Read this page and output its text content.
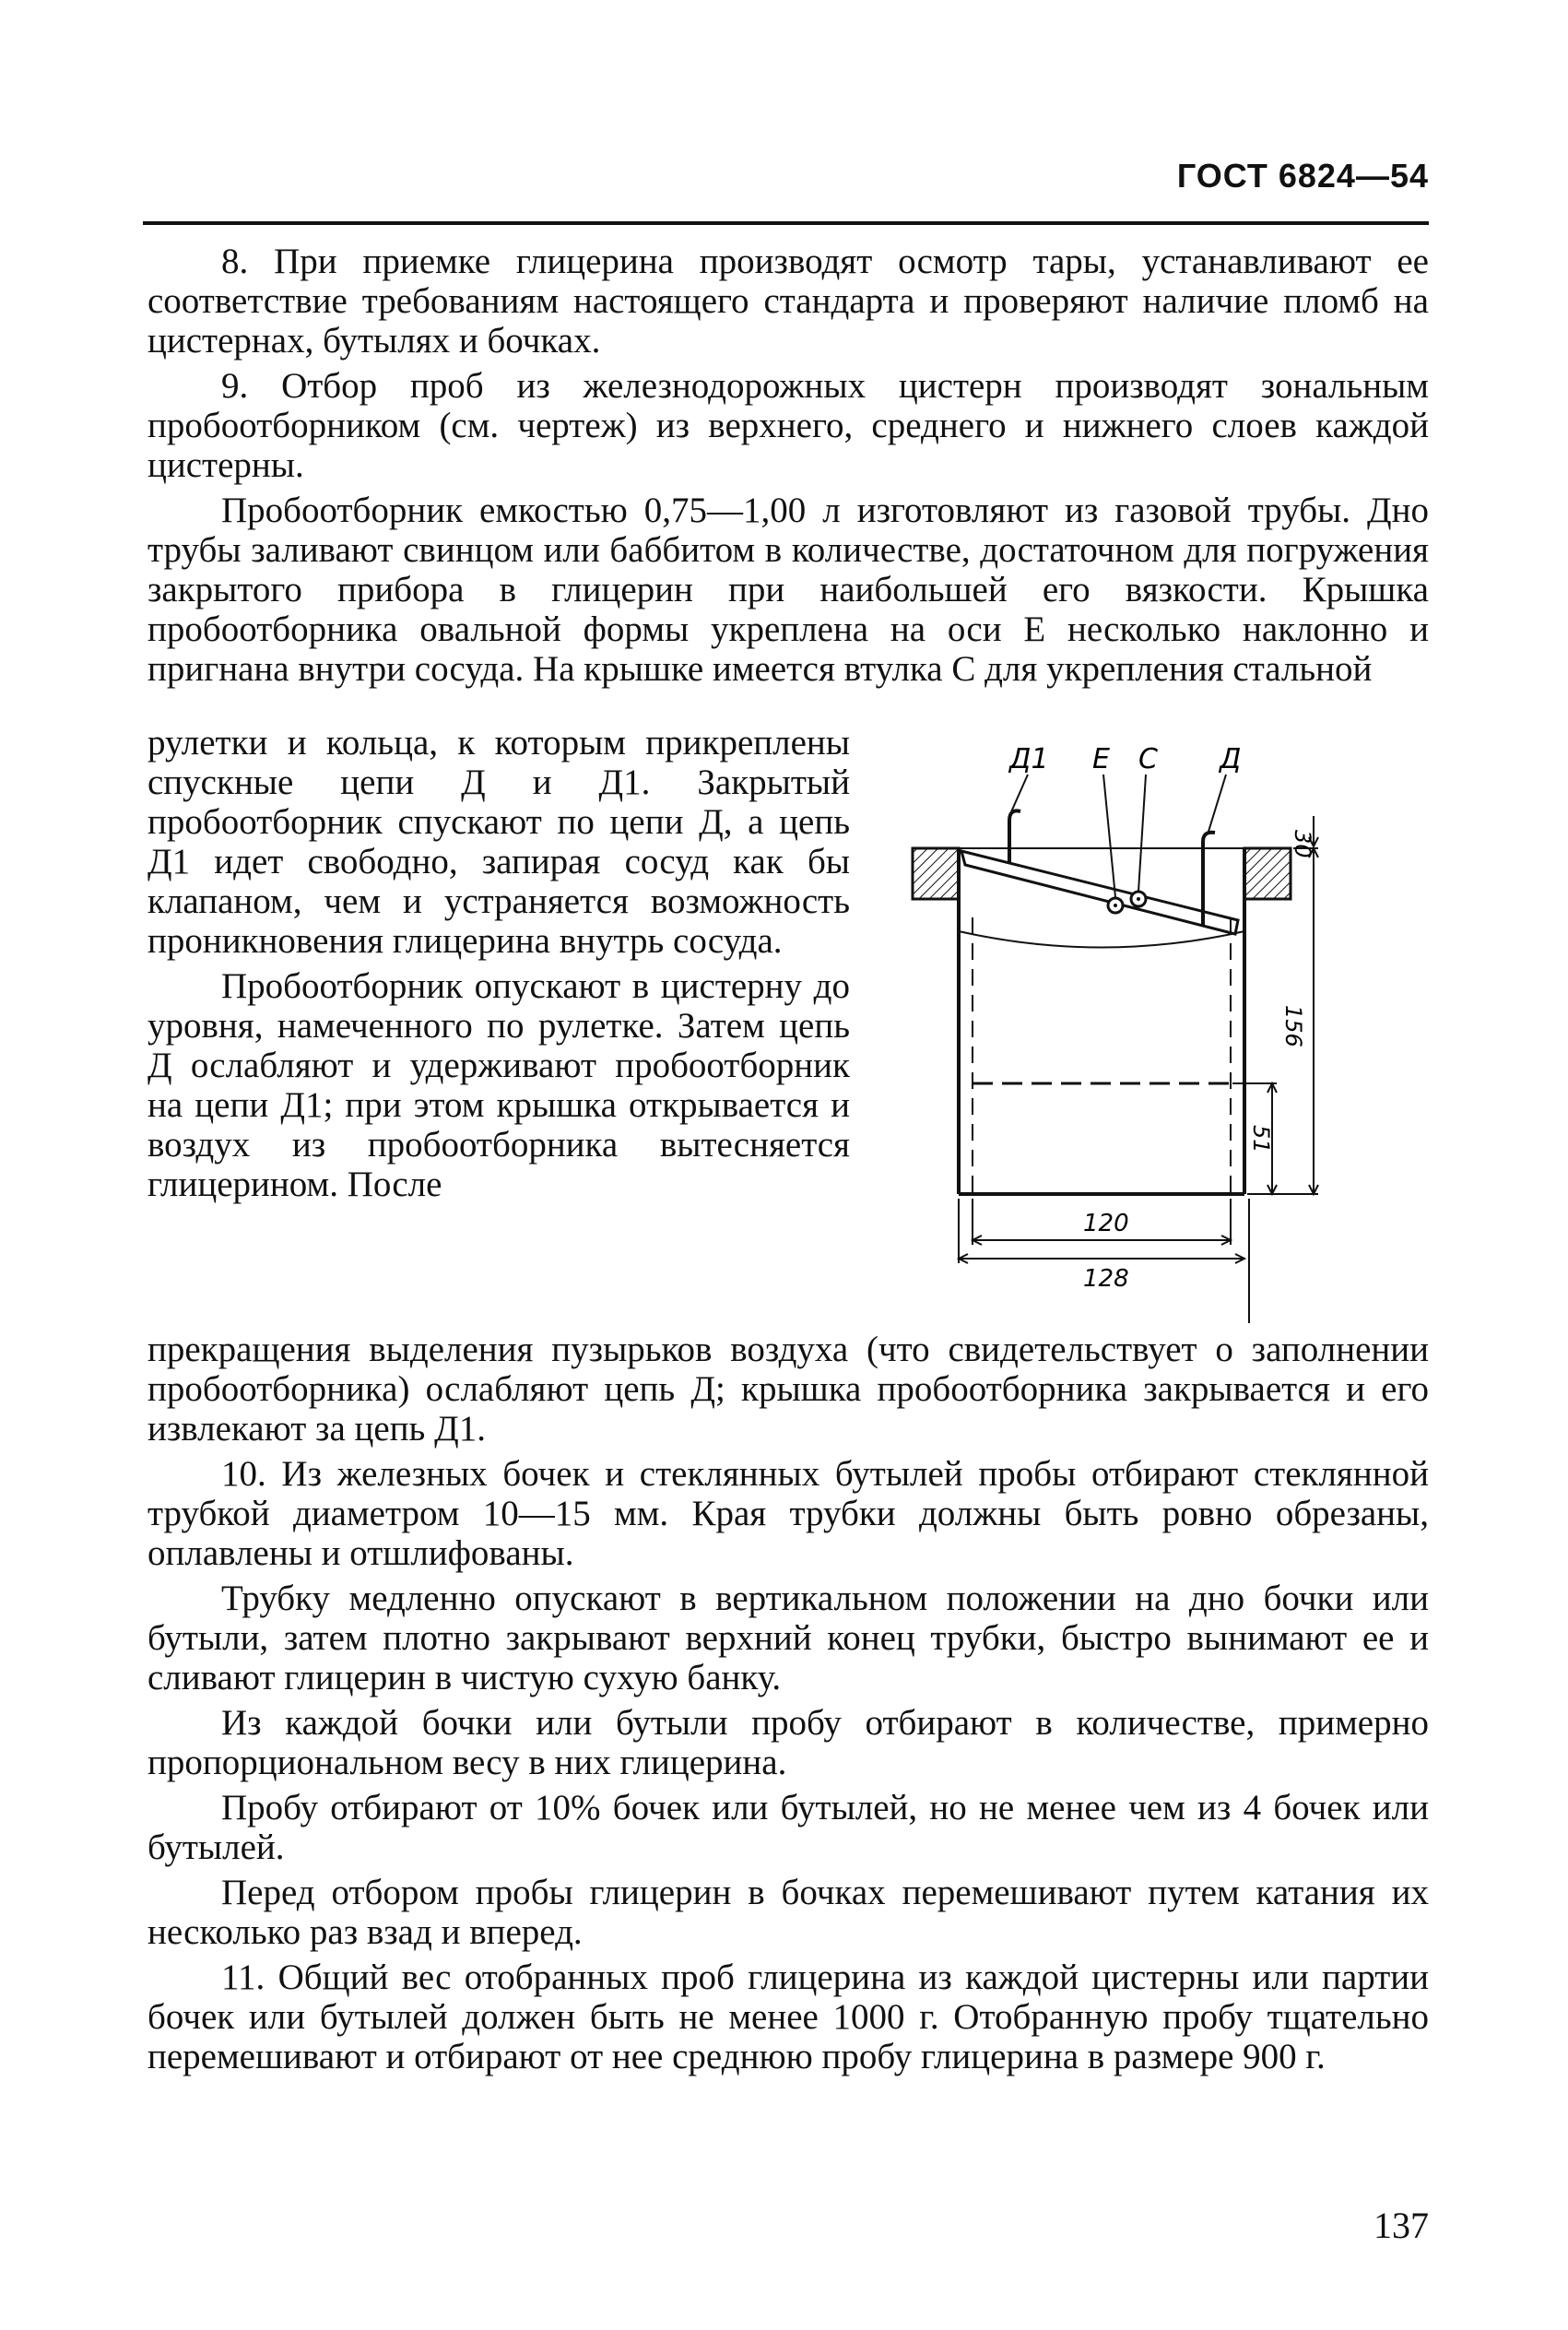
ГОСТ 6824—54

8. При приемке глицерина производят осмотр тары, устанавливают ее соответствие требованиям настоящего стандарта и проверяют наличие пломб на цистернах, бутылях и бочках.

9. Отбор проб из железнодорожных цистерн производят зональным пробоотборником (см. чертеж) из верхнего, среднего и нижнего слоев каждой цистерны.

Пробоотборник емкостью 0,75—1,00 л изготовляют из газовой трубы. Дно трубы заливают свинцом или баббитом в количестве, достаточном для погружения закрытого прибора в глицерин при наибольшей его вязкости. Крышка пробоотборника овальной формы укреплена на оси Е несколько наклонно и пригнана внутри сосуда. На крышке имеется втулка С для укрепления стальной

рулетки и кольца, к которым прикреплены спускные цепи Д и Д1. Закрытый пробоотборник спускают по цепи Д, а цепь Д1 идет свободно, запирая сосуд как бы клапаном, чем и устраняется возможность проникновения глицерина внутрь сосуда.

Пробоотборник опускают в цистерну до уровня, намеченного по рулетке. Затем цепь Д ослабляют и удерживают пробоотборник на цепи Д1; при этом крышка открывается и воздух из пробоотборника вытесняется глицерином. После

Д1 Е С Д
30
156
51
120
128

прекращения выделения пузырьков воздуха (что свидетельствует о заполнении пробоотборника) ослабляют цепь Д; крышка пробоотборника закрывается и его извлекают за цепь Д1.

10. Из железных бочек и стеклянных бутылей пробы отбирают стеклянной трубкой диаметром 10—15 мм. Края трубки должны быть ровно обрезаны, оплавлены и отшлифованы.

Трубку медленно опускают в вертикальном положении на дно бочки или бутыли, затем плотно закрывают верхний конец трубки, быстро вынимают ее и сливают глицерин в чистую сухую банку.

Из каждой бочки или бутыли пробу отбирают в количестве, примерно пропорциональном весу в них глицерина.

Пробу отбирают от 10% бочек или бутылей, но не менее чем из 4 бочек или бутылей.

Перед отбором пробы глицерин в бочках перемешивают путем катания их несколько раз взад и вперед.

11. Общий вес отобранных проб глицерина из каждой цистерны или партии бочек или бутылей должен быть не менее 1000 г. Отобранную пробу тщательно перемешивают и отбирают от нее среднюю пробу глицерина в размере 900 г.

137
